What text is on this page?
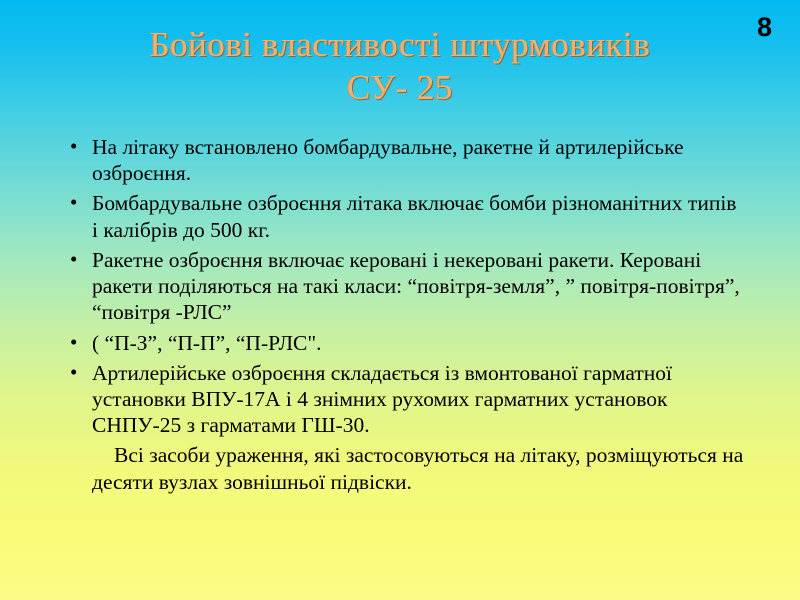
8
Бойові властивості штурмовиків
СУ- 25
• На літаку встановлено бомбардувальне, ракетне й артилерійське озброєння.
• Бомбардувальне озброєння літака включає бомби різноманітних типів і калібрів до 500 кг.
• Ракетне озброєння включає керовані і некеровані ракети. Керовані ракети поділяються на такі класи: “повітря-земля”, ” повітря-повітря”, “повітря -РЛС”
• ( “П-З”, “П-П”, “П-РЛС".
• Артилерійське озброєння складається із вмонтованої гарматної установки ВПУ-17А і 4 знімних рухомих гарматних установок СНПУ-25 з гарматами ГШ-30.
Всі засоби ураження, які застосовуються на літаку, розміщуються на десяти вузлах зовнішньої підвіски.
